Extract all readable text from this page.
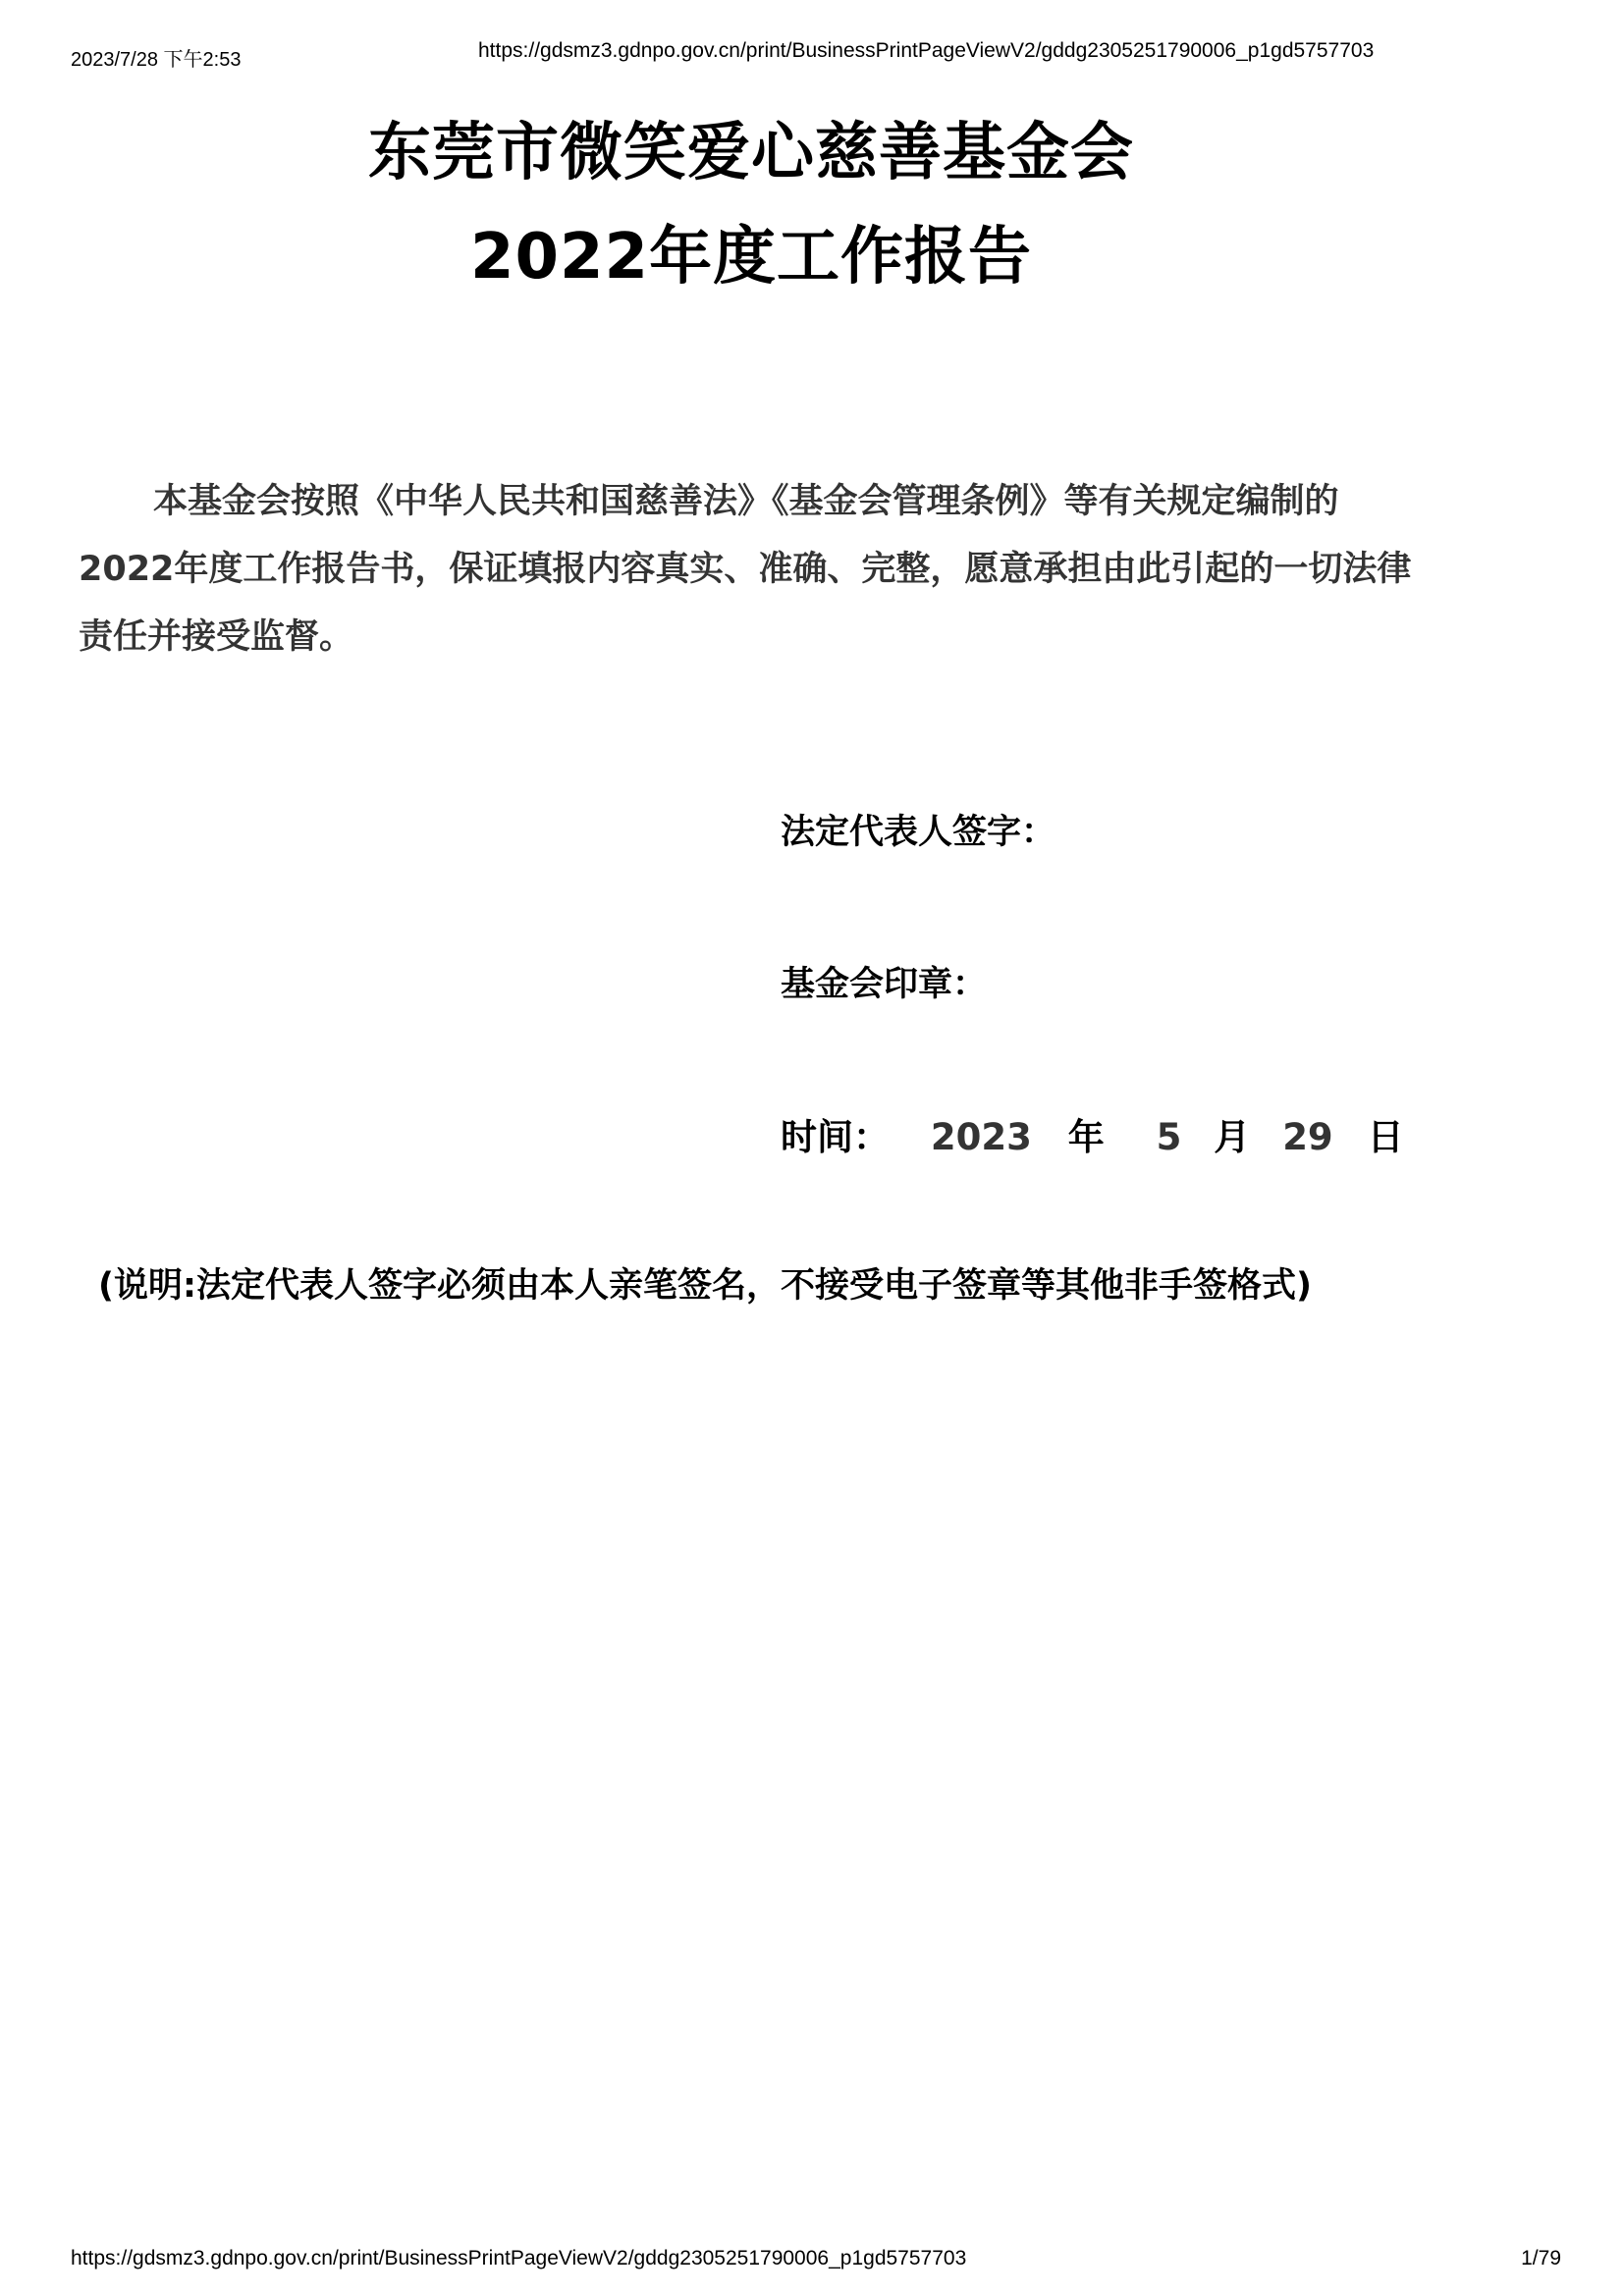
2023/7/28 下午2:53	https://gdsmz3.gdnpo.gov.cn/print/BusinessPrintPageViewV2/gddg2305251790006_p1gd5757703
东莞市微笑爱心慈善基金会
2022年度工作报告
本基金会按照《中华人民共和国慈善法》《基金会管理条例》等有关规定编制的2022年度工作报告书，保证填报内容真实、准确、完整，愿意承担由此引起的一切法律责任并接受监督。
法定代表人签字：
基金会印章：
时间： 2023 年 5 月 29 日
(说明:法定代表人签字必须由本人亲笔签名，不接受电子签章等其他非手签格式)
https://gdsmz3.gdnpo.gov.cn/print/BusinessPrintPageViewV2/gddg2305251790006_p1gd5757703	1/79
